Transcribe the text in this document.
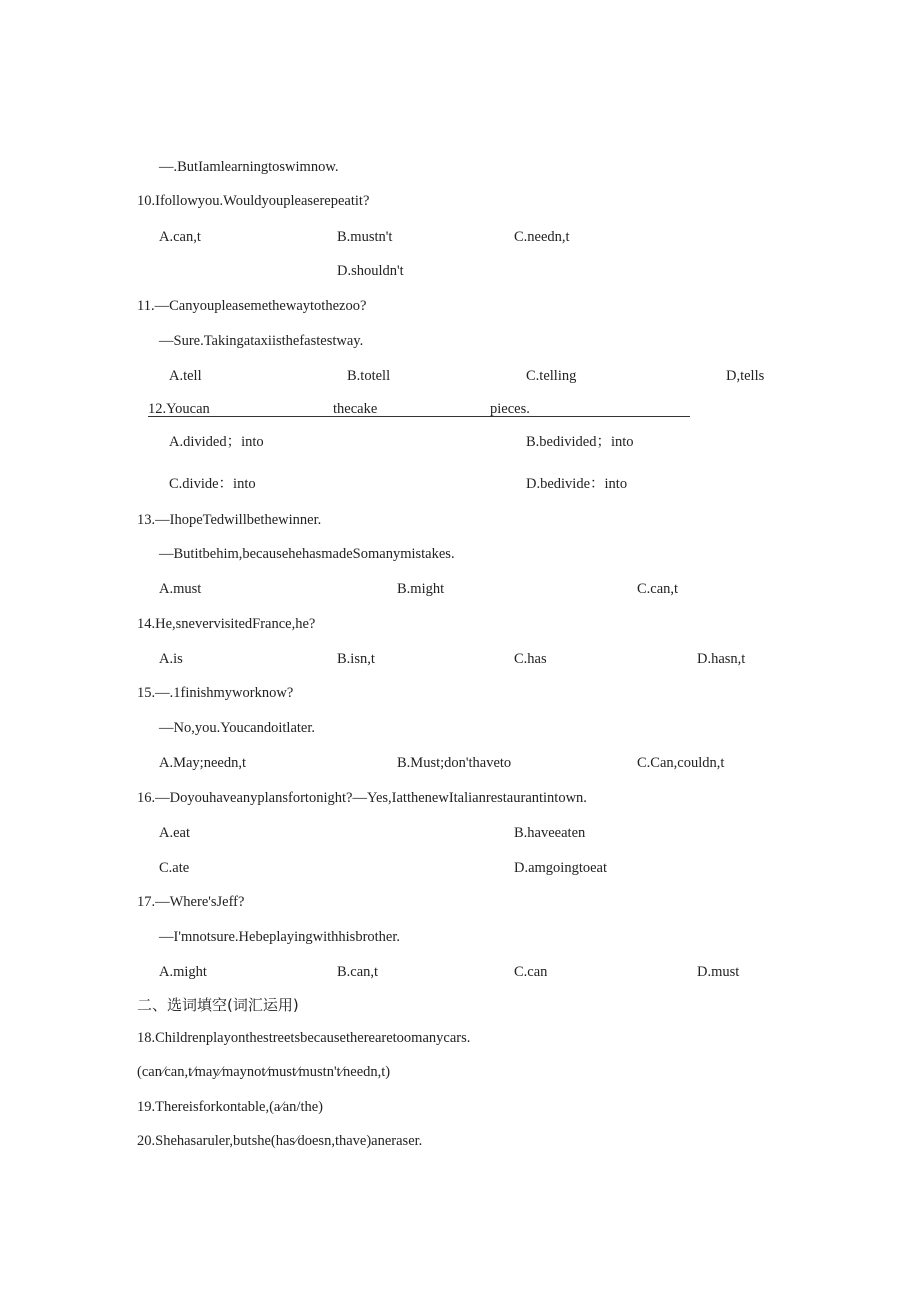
—.ButIamlearningtoswimnow.
10.Ifollowyou.Wouldyoupleaserepeatit?
A.can,t	B.mustn't	C.needn,t
D.shouldn't
11.—Canyoupleasemethewaytothezoo?
—Sure.Takingataxiisthefastestway.
A.tell	B.totell	C.telling	D,tells
12.Youcan	thecake	pieces.
A.divided；into	B.bedivided；into
C.divide：into	D.bedivide：into
13.—IhopeTedwillbethewinner.
—Butitbehim,becausehehasmadeSomanymistakes.
A.must	B.might	C.can,t
14.He,snevervisitedFrance,he?
A.is	B.isn,t	C.has	D.hasn,t
15.—.1finishmyworknow?
—No,you.Youcandoitlater.
A.May;needn,t	B.Must;don'thaveto	C.Can,couldn,t
16.—Doyouhaveanyplansfortonight?—Yes,IatthenewItalianrestaurantintown.
A.eat	B.haveeaten
C.ate	D.amgoingtoeat
17.—Where'sJeff?
—I'mnotsure.Hebeplayingwithhisbrother.
A.might	B.can,t	C.can	D.must
二、选词填空(词汇运用)
18.Childrenplayonthestreetsbecausetherearetoomanycars.
(can∕can,t∕may∕maynot∕must∕mustn't∕needn,t)
19.Thereisforkontable,(a∕an/the)
20.Shehasaruler,butshe(has∕doesn,thave)aneraser.
